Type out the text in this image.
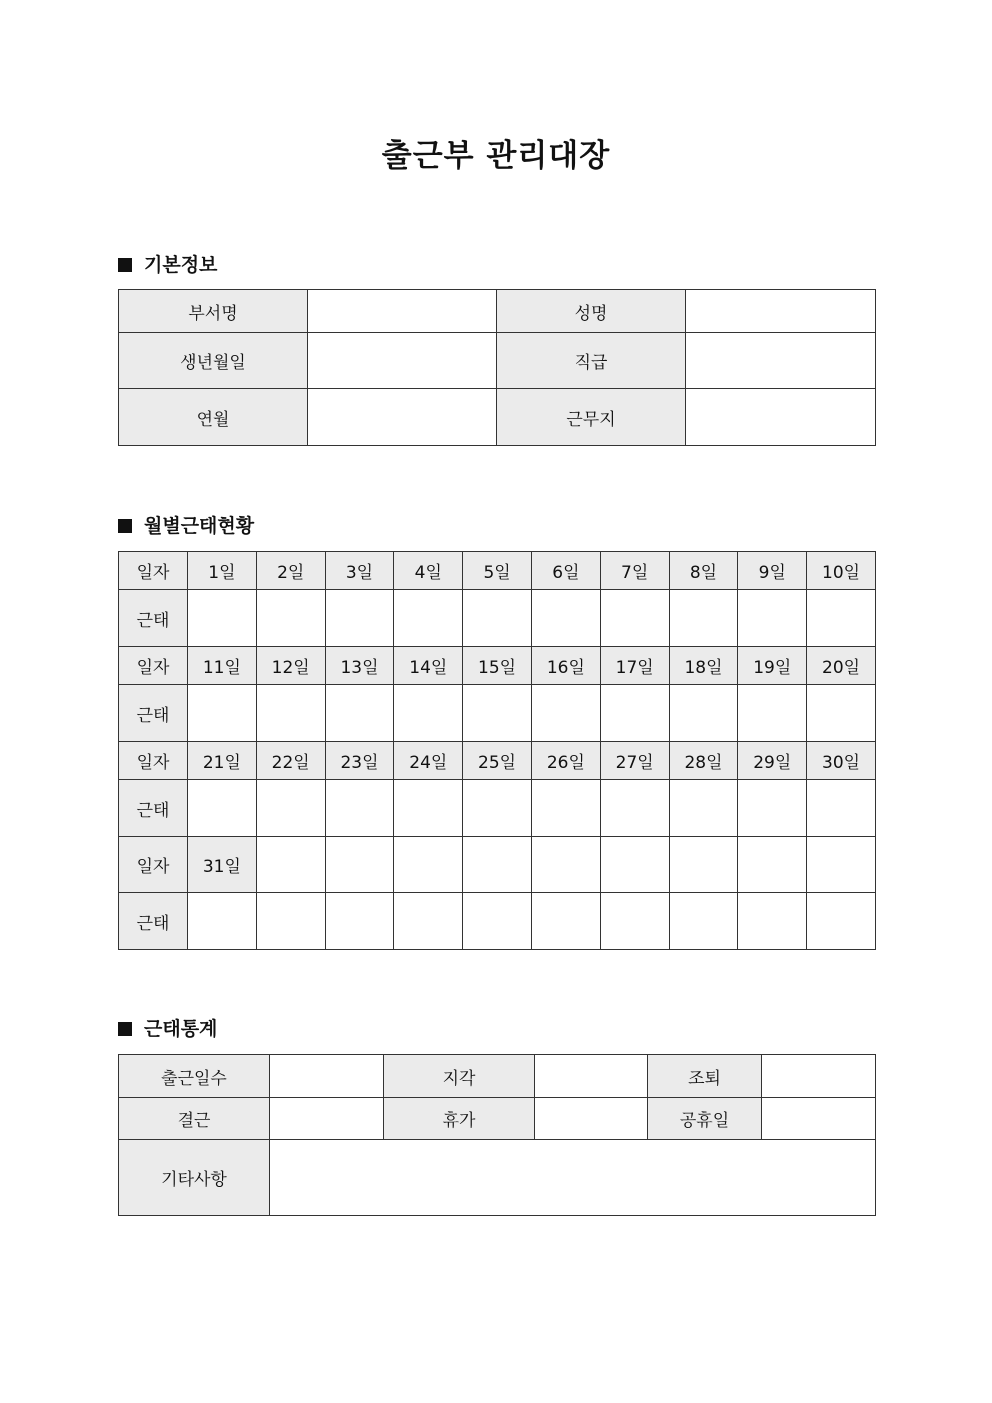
출근부 관리대장
기본정보
부서명		성명	
생년월일		직급	
연월		근무지	
월별근태현황
일자	1일	2일	3일	4일	5일	6일	7일	8일	9일	10일
근태										
일자	11일	12일	13일	14일	15일	16일	17일	18일	19일	20일
근태										
일자	21일	22일	23일	24일	25일	26일	27일	28일	29일	30일
근태										
일자	31일									
근태										
근태통계
출근일수		지각		조퇴	
결근		휴가		공휴일	
기타사항					
